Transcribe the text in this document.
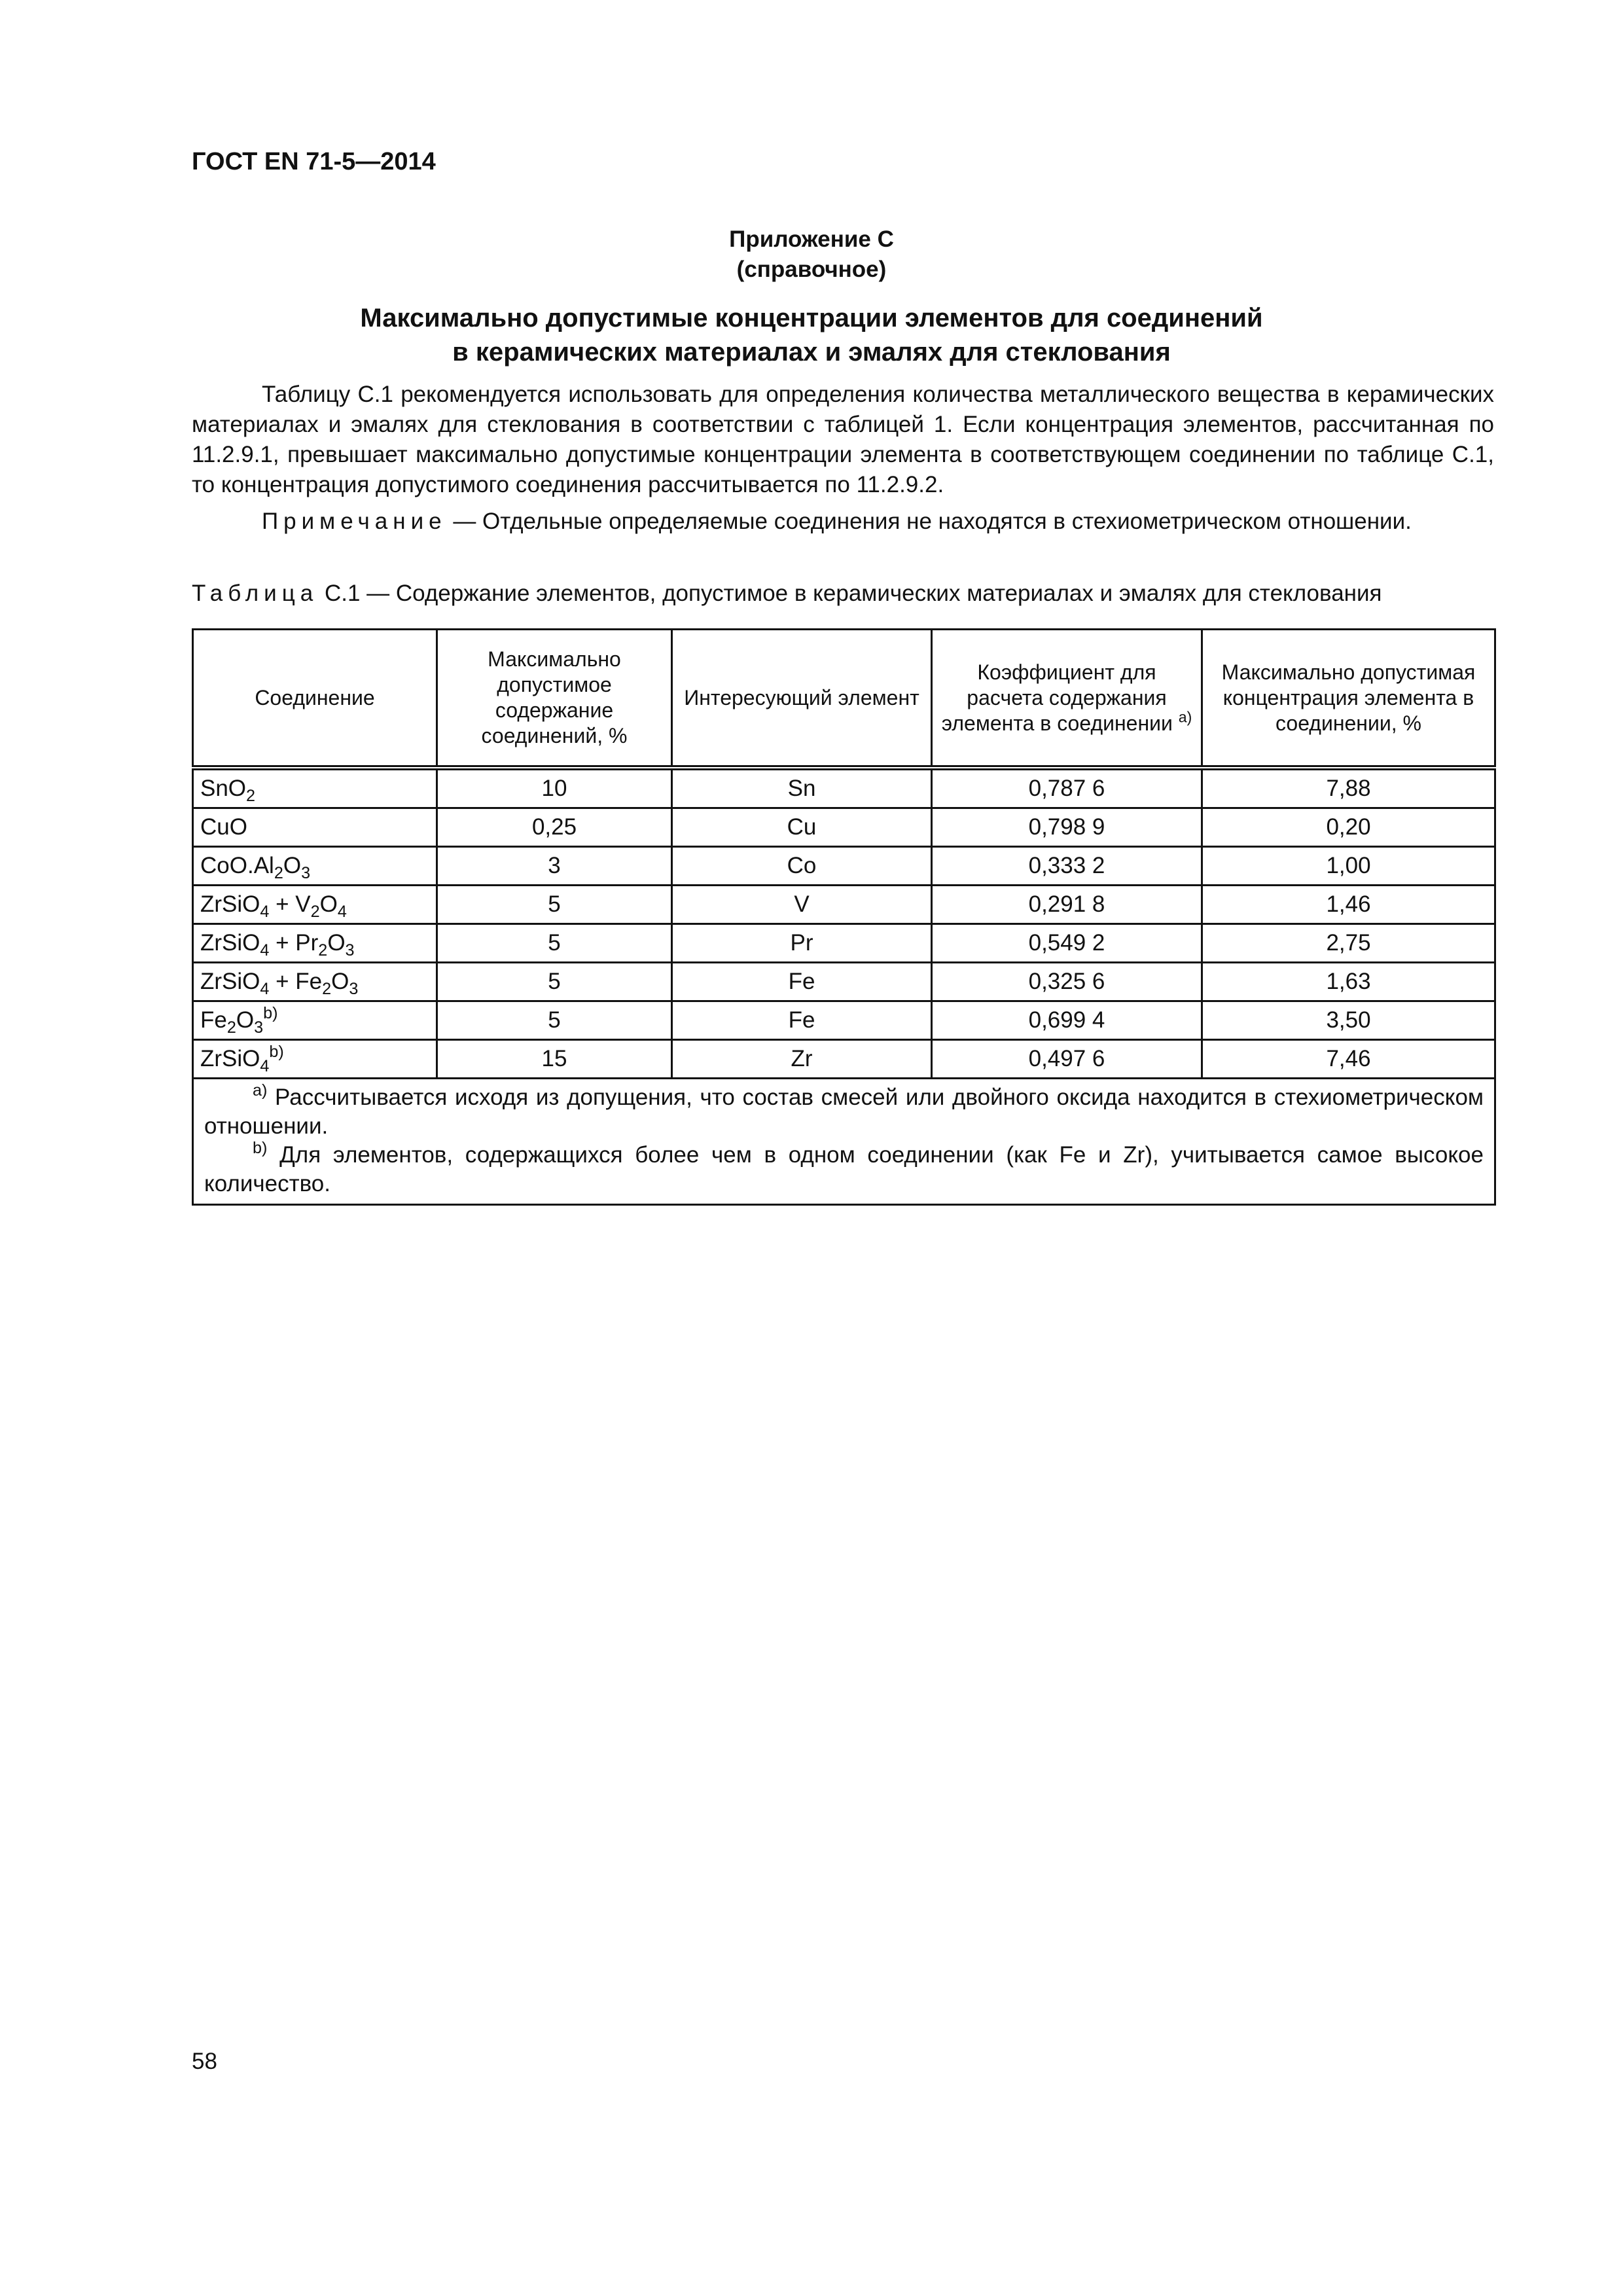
ГОСТ EN 71-5—2014
Приложение С
(справочное)
Максимально допустимые концентрации элементов для соединений
в керамических материалах и эмалях для стеклования

Таблицу С.1 рекомендуется использовать для определения количества металлического вещества в керамических материалах и эмалях для стеклования в соответствии с таблицей 1. Если концентрация элементов, рассчитанная по 11.2.9.1, превышает максимально допустимые концентрации элемента в соответствующем соединении по таблице С.1, то концентрация допустимого соединения рассчитывается по 11.2.9.2.

Примечание — Отдельные определяемые соединения не находятся в стехиометрическом отношении.

Таблица С.1 — Содержание элементов, допустимое в керамических материалах и эмалях для стеклования
Соединение	Максимально допустимое содержание соединений, %	Интересующий элемент	Коэффициент для расчета содержания элемента в соединении $^{а)}$	Максимально допустимая концентрация элемента в соединении, %
SnO$_2$	10	Sn	0,787 6	7,88
CuO	0,25	Cu	0,798 9	0,20
$CoO.Al_2O_3$	3	Co	0,333 2	1,00
ZrSiO$_4$ + $V_2O_4$	5	V	0,291 8	1,46
ZrSiO$_4$ + $Pr_2O_3$	5	Pr	0,549 2	2,75
ZrSiO$_4$ + $Fe_2O_3$	5	Fe	0,325 6	1,63
$Fe_2O_3^{b)}$	5	Fe	0,699 4	3,50
ZrSiO$_4^{b)}$	15	Zr	0,497 6	7,46

$^{а)}$ Рассчитывается исходя из допущения, что состав смесей или двойного оксида находится в стехиометрическом отношении.
$^{b)}$ Для элементов, содержащихся более чем в одном соединении (как Fe и Zr), учитывается самое высокое количество.				
58
